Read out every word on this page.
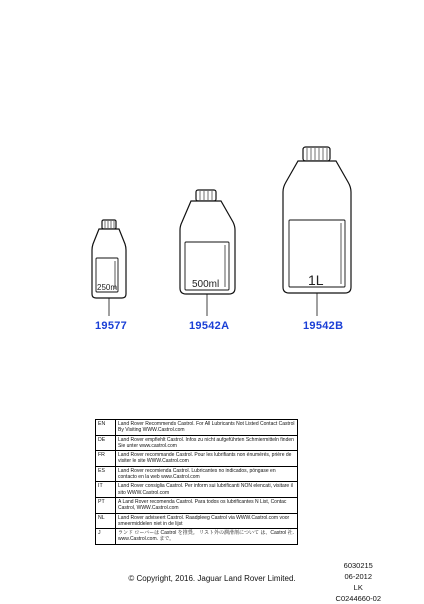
250ml	500ml	1L
19577	19542A	19542B
EN	Land Rover Recommends Castrol. For All Lubricants Not Listed Contact Castrol By Visiting WWW.Castrol.com
DE	Land Rover empfiehlt Castrol. Infos zu nicht aufgeführten Schmiermitteln finden Sie unter www.castrol.com
FR	Land Rover recommande Castrol. Pour les lubrifiants non énumérés, prière de visiter le site WWW.Castrol.com
ES	Land Rover recomienda Castrol. Lubricantes no indicados, póngase en contacto en la web www.Castrol.com
IT	Land Rover consiglia Castrol. Per inform sui lubrificanti NON elencati, visitare il sito WWW.Castrol.com
PT	A Land Rover recomenda Castrol. Para todos os lubrificantes N List, Contac Castrol, WWW.Castrol.com
NL	Land Rover adviseert Castrol. Raadpleeg Castrol via WWW.Castrol.com voor smeermiddelen niet in de lijst
J	ランド ローバーは Castrol を推奨。 リスト外の潤滑剤について は、Castrol 社. www.Castrol.com. まで。
6030215
06-2012
LK
C0244660-02
© Copyright, 2016. Jaguar Land Rover Limited.
